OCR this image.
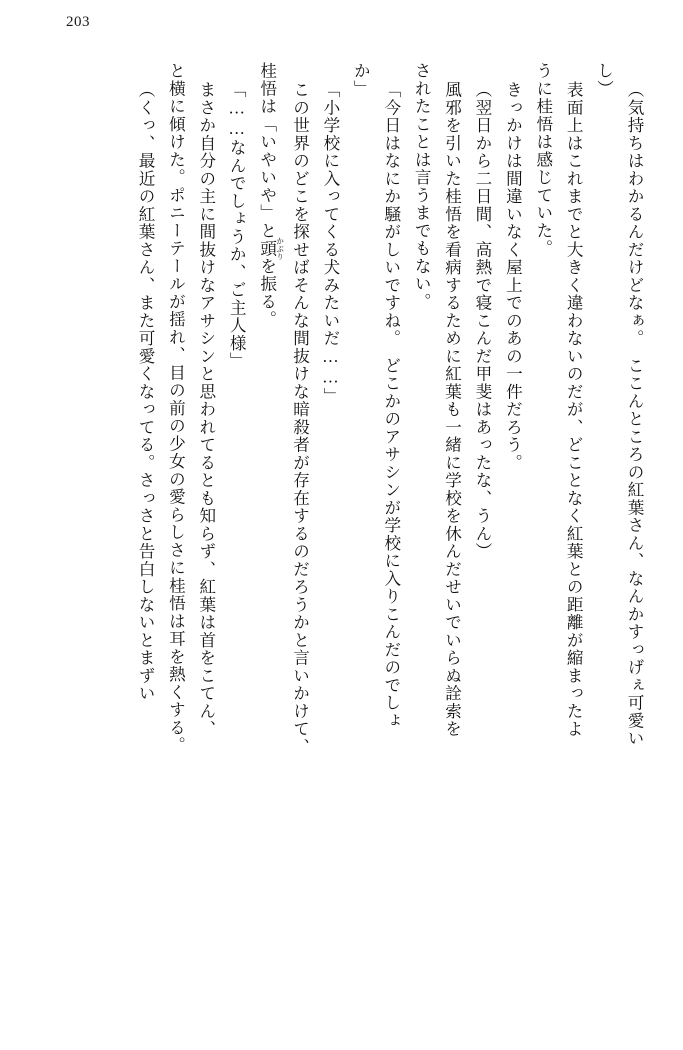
203
（気持ちはわかるんだけどなぁ。　ここんところの紅葉さん、なんかすっげぇ可愛い
し）
表面上はこれまでと大きく違わないのだが、どことなく紅葉との距離が縮まったよ
うに桂悟は感じていた。
きっかけは間違いなく屋上でのあの一件だろう。
（翌日から二日間、高熱で寝こんだ甲斐はあったな、うん）
風邪を引いた桂悟を看病するために紅葉も一緒に学校を休んだせいでいらぬ詮索を
されたことは言うまでもない。
「今日はなにか騒がしいですね。　どこかのアサシンが学校に入りこんだのでしょ
か」
「小学校に入ってくる犬みたいだ……」
この世界のどこを探せばそんな間抜けな暗殺者が存在するのだろうかと言いかけて、
桂悟は「いやいや」と頭 かぶりを振る。
「……なんでしょうか、ご主人様」
まさか自分の主に間抜けなアサシンと思われてるとも知らず、紅葉は首をこてん、
と横に傾けた。ポニーテールが揺れ、目の前の少女の愛らしさに桂悟は耳を熱くする。
（くっ、最近の紅葉さん、また可愛くなってる。さっさと告白しないとまずい
